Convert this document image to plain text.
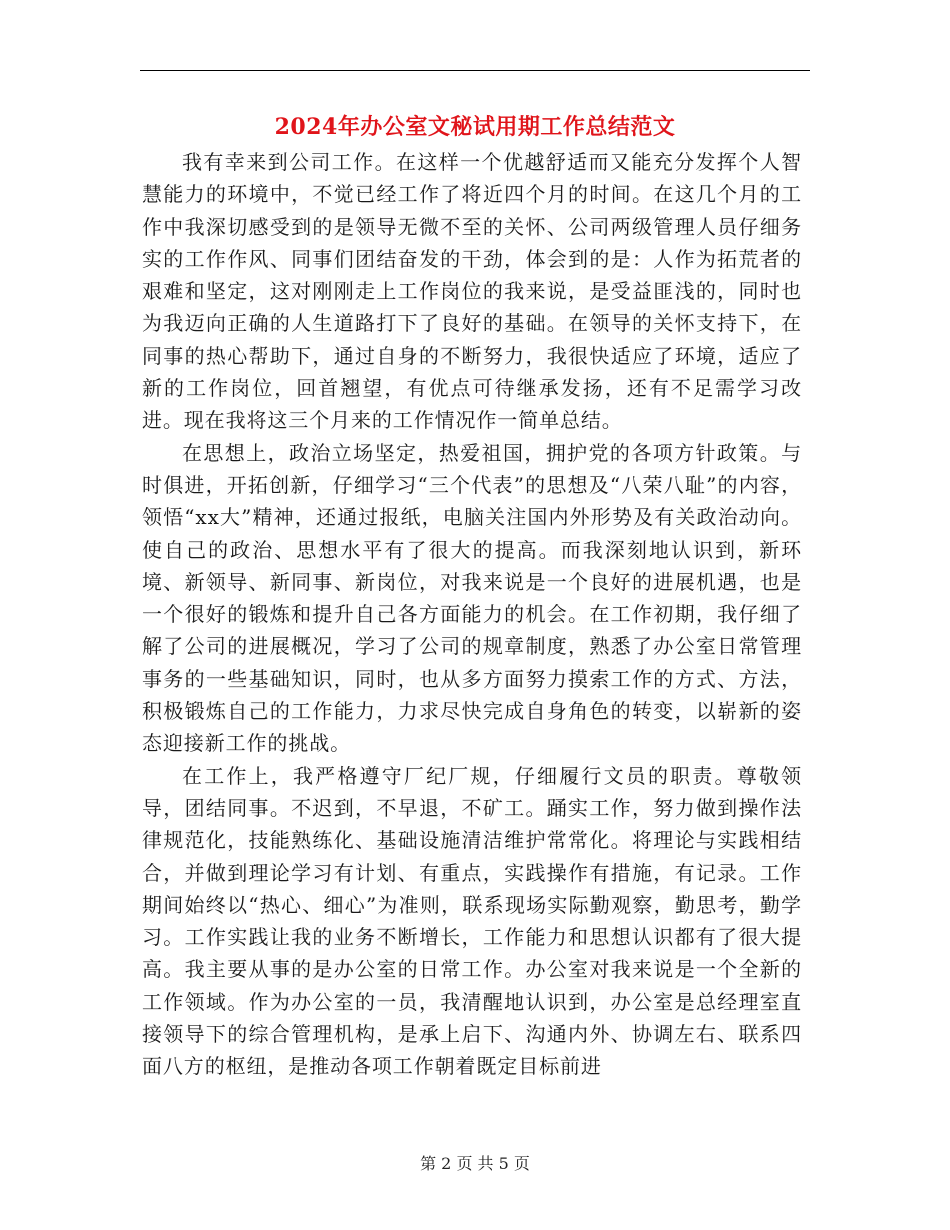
2024年办公室文秘试用期工作总结范文

我有幸来到公司工作。在这样一个优越舒适而又能充分发挥个人智慧能力的环境中，不觉已经工作了将近四个月的时间。在这几个月的工作中我深切感受到的是领导无微不至的关怀、公司两级管理人员仔细务实的工作作风、同事们团结奋发的干劲，体会到的是：人作为拓荒者的艰难和坚定，这对刚刚走上工作岗位的我来说，是受益匪浅的，同时也为我迈向正确的人生道路打下了良好的基础。在领导的关怀支持下，在同事的热心帮助下，通过自身的不断努力，我很快适应了环境，适应了新的工作岗位，回首翘望，有优点可待继承发扬，还有不足需学习改进。现在我将这三个月来的工作情况作一简单总结。

在思想上，政治立场坚定，热爱祖国，拥护党的各项方针政策。与时俱进，开拓创新，仔细学习“三个代表”的思想及“八荣八耻”的内容，领悟“xx大”精神，还通过报纸，电脑关注国内外形势及有关政治动向。使自己的政治、思想水平有了很大的提高。而我深刻地认识到，新环境、新领导、新同事、新岗位，对我来说是一个良好的进展机遇，也是一个很好的锻炼和提升自己各方面能力的机会。在工作初期，我仔细了解了公司的进展概况，学习了公司的规章制度，熟悉了办公室日常管理事务的一些基础知识，同时，也从多方面努力摸索工作的方式、方法，积极锻炼自己的工作能力，力求尽快完成自身角色的转变，以崭新的姿态迎接新工作的挑战。

在工作上，我严格遵守厂纪厂规，仔细履行文员的职责。尊敬领导，团结同事。不迟到，不早退，不矿工。踊实工作，努力做到操作法律规范化，技能熟练化、基础设施清洁维护常常化。将理论与实践相结合，并做到理论学习有计划、有重点，实践操作有措施，有记录。工作期间始终以“热心、细心”为准则，联系现场实际勤观察，勤思考，勤学习。工作实践让我的业务不断增长，工作能力和思想认识都有了很大提高。我主要从事的是办公室的日常工作。办公室对我来说是一个全新的工作领域。作为办公室的一员，我清醒地认识到，办公室是总经理室直接领导下的综合管理机构，是承上启下、沟通内外、协调左右、联系四面八方的枢纽，是推动各项工作朝着既定目标前进

第 2 页 共 5 页
